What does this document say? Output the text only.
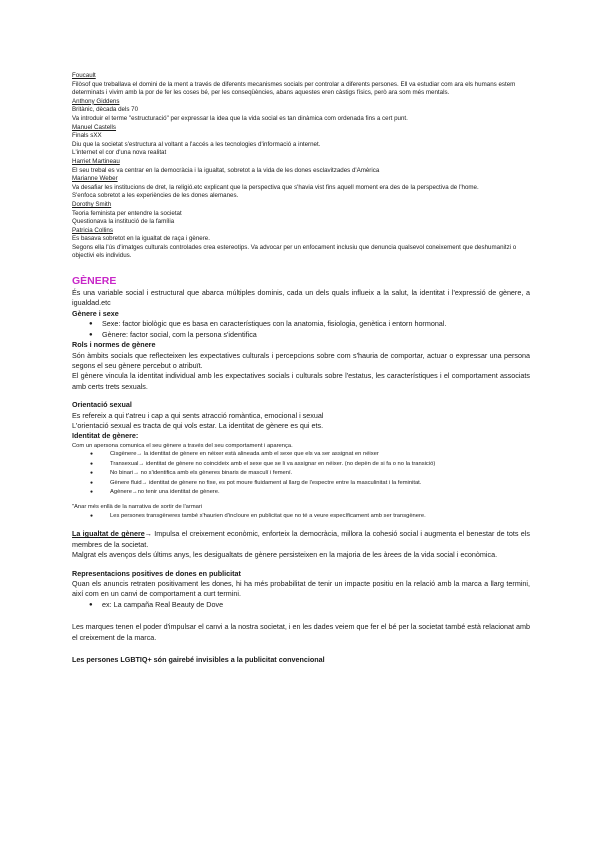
Foucault
Filòsof que treballava el domini de la ment a través de diferents mecanismes socials per controlar a diferents persones. Ell va estudiar com ara els humans estem determinats i vivim amb la por de fer les coses bé, per les conseqüències, abans aquestes eren càstigs físics, però ara som més mentals.
Anthony Giddens
Britànic, dècada dels 70
Va introduir el terme "estructuració" per expressar la idea que la vida social es tan dinàmica com ordenada fins a cert punt.
Manuel Castells
Finals sXX
Diu que la societat s'estructura al voltant a l'accés a les tecnologies d'informació a internet.
L'internet el cor d'una nova realitat
Harriet Martineau
El seu trebal es va centrar en la democràcia i la igualtat, sobretot a la vida de les dones esclavitzades d'Amèrica
Marianne Weber
Va desafiar les institucions de dret, la religió.etc explicant que la perspectiva que s'havia vist fins aquell moment era des de la perspectiva de l'home.
S'enfoca sobretot a les experiències de les dones alemanes.
Dorothy Smith
Teoria feminista per entendre la societat
Questionava la institució de la família
Patricia Collins
Es basava sobretot en la igualtat de raça i gènere.
Segons ella l'ús d'imatges culturals controlades crea estereotips. Va advocar per un enfocament inclusiu que denuncia qualsevol coneixement que deshumanitzi o objectivi els individus.
GÈNERE
És una variable social i estructural que abarca múltiples dominis, cada un dels quals influeix a la salut, la identitat i l'expressió de gènere, a igualdad.etc
Gènere i sexe
● Sexe: factor biològic que es basa en característiques con la anatomia, fisiologia, genètica i entorn hormonal.
● Gènere: factor social, com la persona s'identifica
Rols i normes de gènere
Són àmbits socials que reflecteixen les expectatives culturals i percepcions sobre com s'hauria de comportar, actuar o expressar una persona segons el seu gènere percebut o atribuït.
El gènere vincula la identitat individual amb les expectatives socials i culturals sobre l'estatus, les característiques i el comportament associats amb certs trets sexuals.
Orientació sexual
Es refereix a qui t'atreu i cap a qui sents atracció romàntica, emocional i sexual
L'orientació sexual es tracta de qui vols estar. La identitat de gènere es qui ets.
Identitat de gènere:
Com un apersona comunica el seu gènere a través del seu comportament i aparença.
● Cisgènere→ la identitat de gènere en néixer està alineada amb el sexe que els va ser assignat en néixer
● Transexual→ identitat de gènere no coincideix amb el sexe que se li va assignar en néixer. (no depèn de si fa o no la transició)
● No binari→ no s'identifica amb els gèneres binaris de masculí i femení.
● Gènere fluid→ identitat de gènere no fixe, es pot moure fluidament al llarg de l'espectre entre la masculinitat i la feminitat.
● Agènere→no tenir una identitat de gènere.
"Anar més enllà de la narrativa de sortir de l'armari
● Les persones transgèneres també s'haurien d'incloure en publicitat que no té a veure específicament amb ser transgènere.
La igualtat de gènere→ Impulsa el creixement econòmic, enforteix la democràcia, millora la cohesió social i augmenta el benestar de tots els membres de la societat.
Malgrat els avenços dels últims anys, les desigualtats de gènere persisteixen en la majoria de les àrees de la vida social i econòmica.
Representacions positives de dones en publicitat
Quan els anuncis retraten positivament les dones, hi ha més probabilitat de tenir un impacte positiu en la relació amb la marca a llarg termini, així com en un canvi de comportament a curt termini.
● ex: La campaña Real Beauty de Dove
Les marques tenen el poder d'impulsar el canvi a la nostra societat, i en les dades veiem que fer el bé per la societat també està relacionat amb el creixement de la marca.
Les persones LGBTIQ+ són gairebé invisibles a la publicitat convencional
